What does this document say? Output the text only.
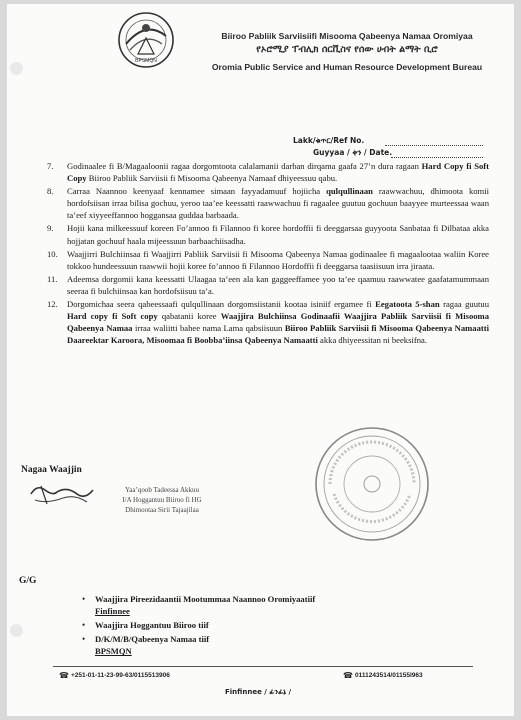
BPSMQN
Biiroo Pabliik Sarviisiifi Misooma Qabeenya Namaa Oromiyaa
የኦሮሚያ ፐብሊክ ሰርቪስና የሰው ሀብት ልማት ቢሮ
Oromia Public Service and Human Resource Development Bureau
Lakk/ቁጥር/Ref No.
Guyyaa / ቀን / Date.
7.	Godinaalee fi B/Magaaloonii ragaa dorgomtoota calalamanii darban dirqama gaafa 27’n dura ragaan Hard Copy fi Soft Copy Biiroo Pabliik Sarviisii fi Misooma Qabeenya Namaaf dhiyeessuu qabu.
8.	Carraa Naannoo keenyaaf kennamee simaan fayyadamuuf hojiicha qulqullinaan raawwachuu, dhimoota komii hordofsiisan irraa bilisa gochuu, yeroo taa’ee keessatti raawwachuu fi ragaalee guutuu gochuun baayyee murteessaa waan ta’eef xiyyeeffannoo hoggansaa guddaa barbaada.
9.	Hojii kana milkeessuuf koreen Fo’annoo fi Filannoo fi koree hordoffii fi deeggarsaa guyyoota Sanbataa fi Dilbataa akka hojjatan gochuuf haala mijeessuun barbaachiisadha.
10.	Waajjirri Bulchiinsaa fi Waajjirri Pabliik Sarviisii fi Misooma Qabeenya Namaa godinaalee fi magaalootaa waliin Koree tokkoo hundeessuun raawwii hojii koree fo’annoo fi Filannoo Hordoffii fi deeggarsa taasiisuun irra jiraata.
11.	Adeemsa dorgomii kana keessatti Ulaagaa ta’een ala kan gaggeeffamee yoo ta’ee qaamuu raawwatee gaafatamummaan seeraa fi bulchiinsaa kan hordofsiisuu ta’a.
12.	Dorgomichaa seera qabeessaafi qulqullinaan dorgomsiistanii kootaa isiniif ergamee fi Eegatoota 5-shan ragaa guutuu Hard copy fi Soft copy qabatanii koree Waajjira Bulchiinsa Godinaafii Waajjira Pabliik Sarviisii fi Misooma Qabeenya Namaa irraa waliitti bahee nama Lama qabsiisuun Biiroo Pabliik Sarviisii fi Misooma Qabeenya Namaatti Daareektar Karoora, Misoomaa fi Boobba’iinsa Qabeenya Namaatti akka dhiyeessitan ni beeksifna.
Nagaa Waajjin
Yaa’qoob Tadeessa Akkuu
I/A Hoggantuu Biiroo fi HG
Dhimootaa Sirii Tajaajilaa
G/G
• Waajjira Pireezidaantii Mootummaa Naannoo Oromiyaatiif
Finfinnee
• Waajjira Hoggantuu Biiroo tiif
• D/K/M/B/Qabeenya Namaa tiif
BPSMQN
☎ +251-01-11-23-99-63/0115513906	☎ 0111243514/01155l963
Finfinnee / ፊንፊኔ /
